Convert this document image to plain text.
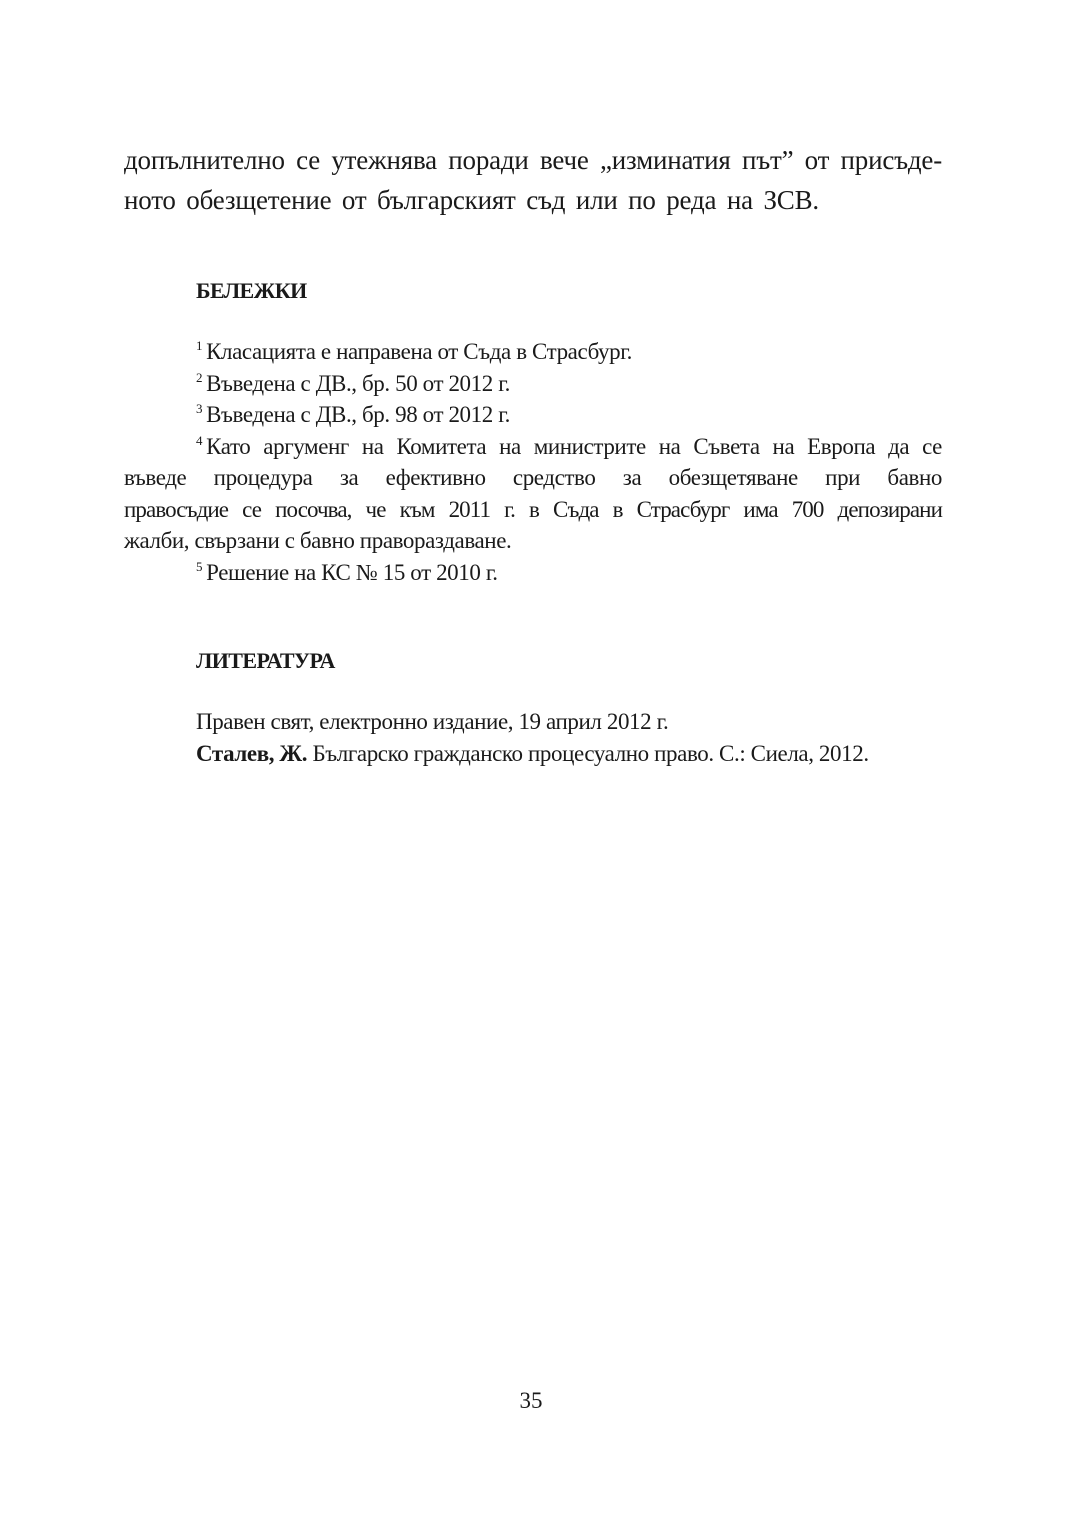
допълнително се утежнява поради вече „изминатия път” от присъде-
ното обезщетение от българският съд или по реда на ЗСВ.

БЕЛЕЖКИ

$^1$ Класацията е направена от Съда в Страсбург.

$^2$ Въведена с ДВ., бр. 50 от 2012 г.

$^3$ Въведена с ДВ., бр. 98 от 2012 г.

$^4$ Като аргуменг на Комитета на министрите на Съвета на Европа да се
въведе процедура за ефективно средство за обезщетяване при бавно
правосъдие се посочва, че към 2011 г. в Съда в Страсбург има 700 депозирани
жалби, свързани с бавно правораздаване.

$^5$ Решение на КС № 15 от 2010 г.

ЛИТЕРАТУРА

Правен свят, електронно издание, 19 април 2012 г.

Сталев, Ж. Българско гражданско процесуално право. С.: Сиела, 2012.

35
